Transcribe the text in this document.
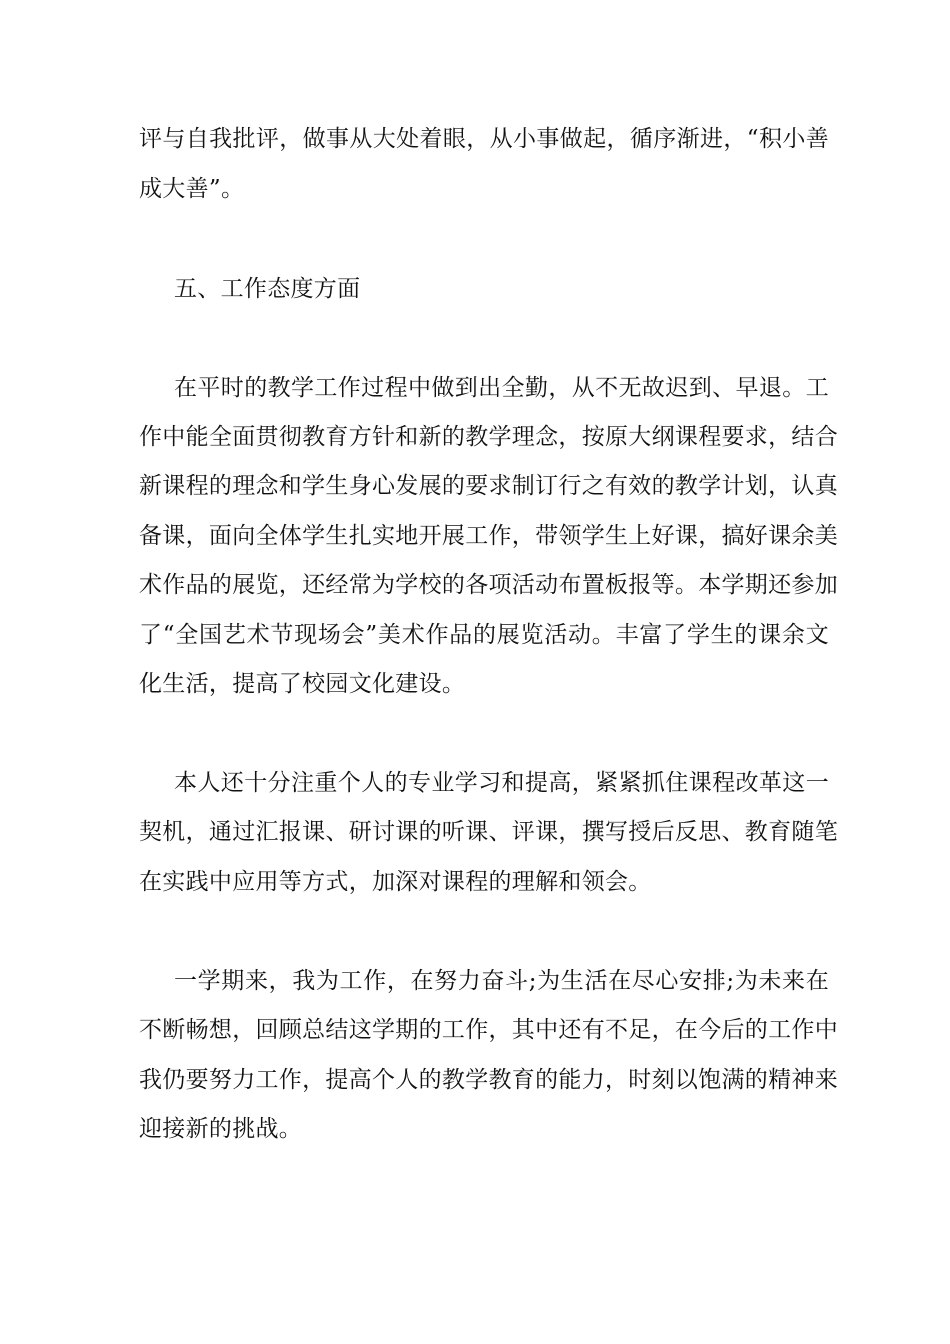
评与自我批评，做事从大处着眼，从小事做起，循序渐进，“积小善
成大善”。
五、工作态度方面
在平时的教学工作过程中做到出全勤，从不无故迟到、早退。工
作中能全面贯彻教育方针和新的教学理念，按原大纲课程要求，结合
新课程的理念和学生身心发展的要求制订行之有效的教学计划，认真
备课，面向全体学生扎实地开展工作，带领学生上好课，搞好课余美
术作品的展览，还经常为学校的各项活动布置板报等。本学期还参加
了“全国艺术节现场会”美术作品的展览活动。丰富了学生的课余文
化生活，提高了校园文化建设。
本人还十分注重个人的专业学习和提高，紧紧抓住课程改革这一
契机，通过汇报课、研讨课的听课、评课，撰写授后反思、教育随笔
在实践中应用等方式，加深对课程的理解和领会。
一学期来，我为工作，在努力奋斗;为生活在尽心安排;为未来在
不断畅想，回顾总结这学期的工作，其中还有不足，在今后的工作中
我仍要努力工作，提高个人的教学教育的能力，时刻以饱满的精神来
迎接新的挑战。
